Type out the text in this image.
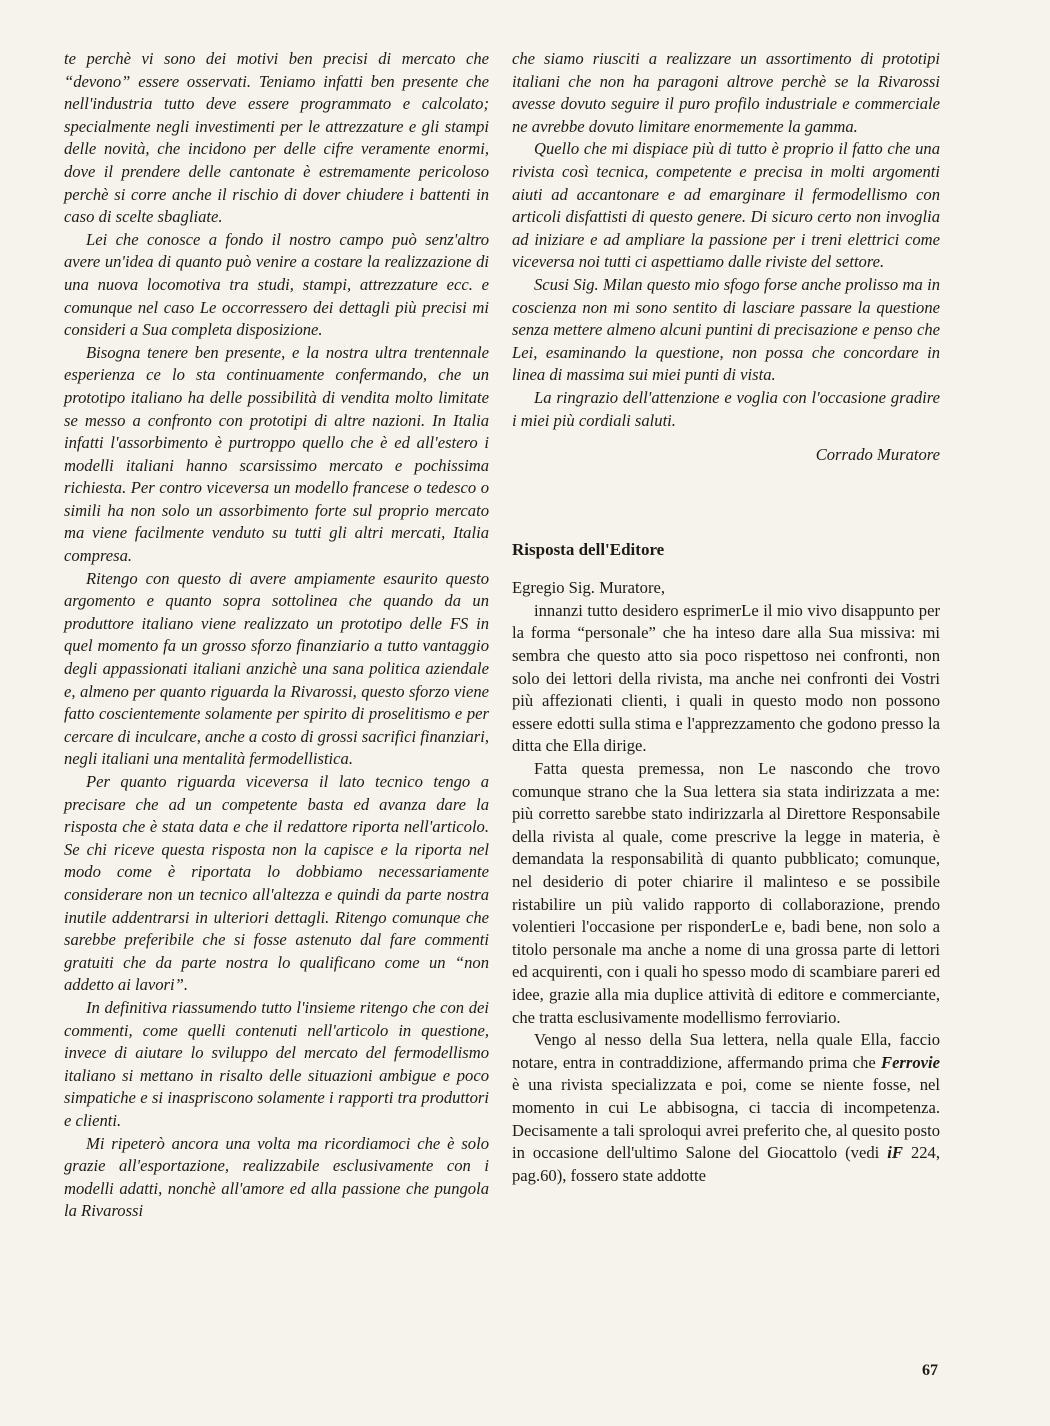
te perchè vi sono dei motivi ben precisi di mercato che “devono” essere osservati. Teniamo infatti ben presente che nell'industria tutto deve essere programmato e calcolato; specialmente negli investimenti per le attrezzature e gli stampi delle novità, che incidono per delle cifre veramente enormi, dove il prendere delle cantonate è estremamente pericoloso perchè si corre anche il rischio di dover chiudere i battenti in caso di scelte sbagliate.

Lei che conosce a fondo il nostro campo può senz'altro avere un'idea di quanto può venire a costare la realizzazione di una nuova locomotiva tra studi, stampi, attrezzature ecc. e comunque nel caso Le occorressero dei dettagli più precisi mi consideri a Sua completa disposizione.

Bisogna tenere ben presente, e la nostra ultra trentennale esperienza ce lo sta continuamente confermando, che un prototipo italiano ha delle possibilità di vendita molto limitate se messo a confronto con prototipi di altre nazioni. In Italia infatti l'assorbimento è purtroppo quello che è ed all'estero i modelli italiani hanno scarsissimo mercato e pochissima richiesta. Per contro viceversa un modello francese o tedesco o simili ha non solo un assorbimento forte sul proprio mercato ma viene facilmente venduto su tutti gli altri mercati, Italia compresa.

Ritengo con questo di avere ampiamente esaurito questo argomento e quanto sopra sottolinea che quando da un produttore italiano viene realizzato un prototipo delle FS in quel momento fa un grosso sforzo finanziario a tutto vantaggio degli appassionati italiani anzichè una sana politica aziendale e, almeno per quanto riguarda la Rivarossi, questo sforzo viene fatto coscientemente solamente per spirito di proselitismo e per cercare di inculcare, anche a costo di grossi sacrifici finanziari, negli italiani una mentalità fermodellistica.

Per quanto riguarda viceversa il lato tecnico tengo a precisare che ad un competente basta ed avanza dare la risposta che è stata data e che il redattore riporta nell'articolo. Se chi riceve questa risposta non la capisce e la riporta nel modo come è riportata lo dobbiamo necessariamente considerare non un tecnico all'altezza e quindi da parte nostra inutile addentrarsi in ulteriori dettagli. Ritengo comunque che sarebbe preferibile che si fosse astenuto dal fare commenti gratuiti che da parte nostra lo qualificano come un “non addetto ai lavori”.

In definitiva riassumendo tutto l'insieme ritengo che con dei commenti, come quelli contenuti nell'articolo in questione, invece di aiutare lo sviluppo del mercato del fermodellismo italiano si mettano in risalto delle situazioni ambigue e poco simpatiche e si inaspriscono solamente i rapporti tra produttori e clienti.

Mi ripeterò ancora una volta ma ricordiamoci che è solo grazie all'esportazione, realizzabile esclusivamente con i modelli adatti, nonchè all'amore ed alla passione che pungola la Rivarossi

che siamo riusciti a realizzare un assortimento di prototipi italiani che non ha paragoni altrove perchè se la Rivarossi avesse dovuto seguire il puro profilo industriale e commerciale ne avrebbe dovuto limitare enormemente la gamma.

Quello che mi dispiace più di tutto è proprio il fatto che una rivista così tecnica, competente e precisa in molti argomenti aiuti ad accantonare e ad emarginare il fermodellismo con articoli disfattisti di questo genere. Di sicuro certo non invoglia ad iniziare e ad ampliare la passione per i treni elettrici come viceversa noi tutti ci aspettiamo dalle riviste del settore.

Scusi Sig. Milan questo mio sfogo forse anche prolisso ma in coscienza non mi sono sentito di lasciare passare la questione senza mettere almeno alcuni puntini di precisazione e penso che Lei, esaminando la questione, non possa che concordare in linea di massima sui miei punti di vista.

La ringrazio dell'attenzione e voglia con l'occasione gradire i miei più cordiali saluti.

Corrado Muratore

Risposta dell'Editore

Egregio Sig. Muratore,

innanzi tutto desidero esprimerLe il mio vivo disappunto per la forma “personale” che ha inteso dare alla Sua missiva: mi sembra che questo atto sia poco rispettoso nei confronti, non solo dei lettori della rivista, ma anche nei confronti dei Vostri più affezionati clienti, i quali in questo modo non possono essere edotti sulla stima e l'apprezzamento che godono presso la ditta che Ella dirige.

Fatta questa premessa, non Le nascondo che trovo comunque strano che la Sua lettera sia stata indirizzata a me: più corretto sarebbe stato indirizzarla al Direttore Responsabile della rivista al quale, come prescrive la legge in materia, è demandata la responsabilità di quanto pubblicato; comunque, nel desiderio di poter chiarire il malinteso e se possibile ristabilire un più valido rapporto di collaborazione, prendo volentieri l'occasione per risponderLe e, badi bene, non solo a titolo personale ma anche a nome di una grossa parte di lettori ed acquirenti, con i quali ho spesso modo di scambiare pareri ed idee, grazie alla mia duplice attività di editore e commerciante, che tratta esclusivamente modellismo ferroviario.

Vengo al nesso della Sua lettera, nella quale Ella, faccio notare, entra in contraddizione, affermando prima che Ferrovie è una rivista specializzata e poi, come se niente fosse, nel momento in cui Le abbisogna, ci taccia di incompetenza. Decisamente a tali sproloqui avrei preferito che, al quesito posto in occasione dell'ultimo Salone del Giocattolo (vedi iF 224, pag.60), fossero state addotte

67
